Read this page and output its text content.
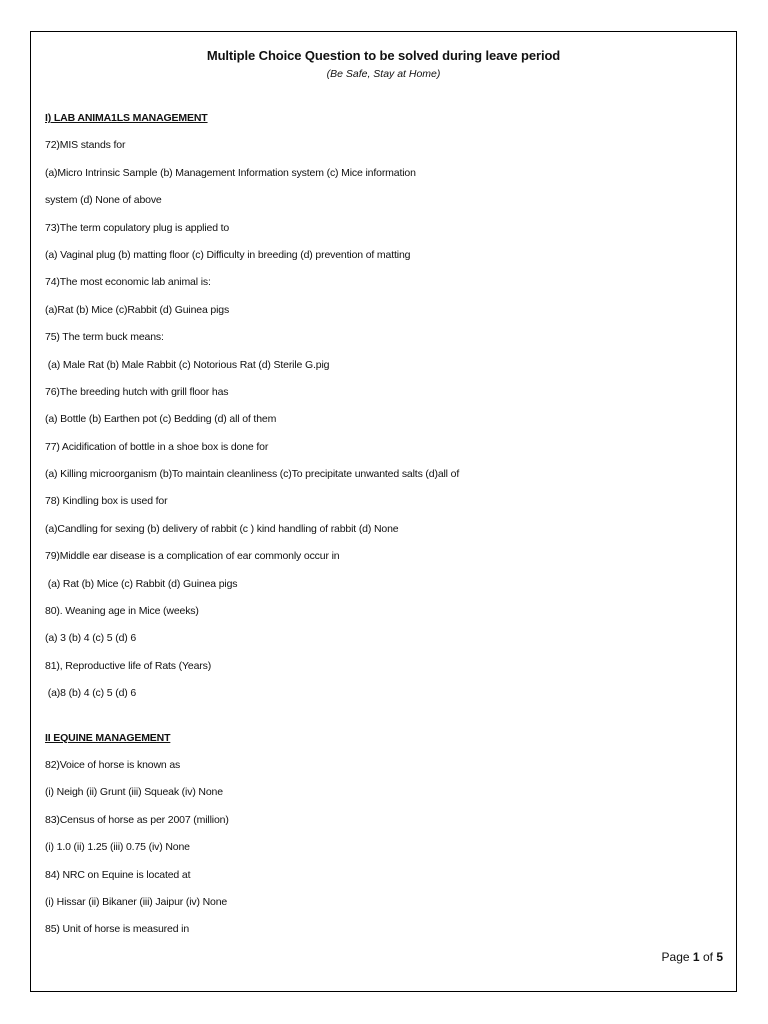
Multiple Choice Question to be solved during leave period
(Be Safe, Stay at Home)
I) LAB ANIMA1LS MANAGEMENT
72)MIS stands for
(a)Micro Intrinsic Sample (b) Management Information system (c) Mice information
system (d) None of above
73)The term copulatory plug is applied to
(a) Vaginal plug (b) matting floor (c) Difficulty in breeding (d) prevention of matting
74)The most economic lab animal is:
(a)Rat (b) Mice (c)Rabbit (d) Guinea pigs
75) The term buck means:
(a) Male Rat (b) Male Rabbit (c) Notorious Rat (d) Sterile G.pig
76)The breeding hutch with grill floor has
(a) Bottle (b) Earthen pot (c) Bedding (d) all of them
77) Acidification of bottle in a shoe box is done for
(a) Killing microorganism (b)To maintain cleanliness (c)To precipitate unwanted salts (d)all of
78) Kindling box is used for
(a)Candling for sexing (b) delivery of rabbit (c ) kind handling of rabbit (d) None
79)Middle ear disease is a complication of ear commonly occur in
(a) Rat (b) Mice (c) Rabbit (d) Guinea pigs
80). Weaning age in Mice (weeks)
(a) 3 (b) 4 (c) 5 (d) 6
81), Reproductive life of Rats (Years)
(a)8 (b) 4 (c) 5 (d) 6
II EQUINE MANAGEMENT
82)Voice of horse is known as
(i) Neigh (ii) Grunt (iii) Squeak (iv) None
83)Census of horse as per 2007 (million)
(i) 1.0 (ii) 1.25 (iii) 0.75 (iv) None
84) NRC on Equine is located at
(i) Hissar (ii) Bikaner (iii) Jaipur (iv) None
85) Unit of horse is measured in
Page 1 of 5
